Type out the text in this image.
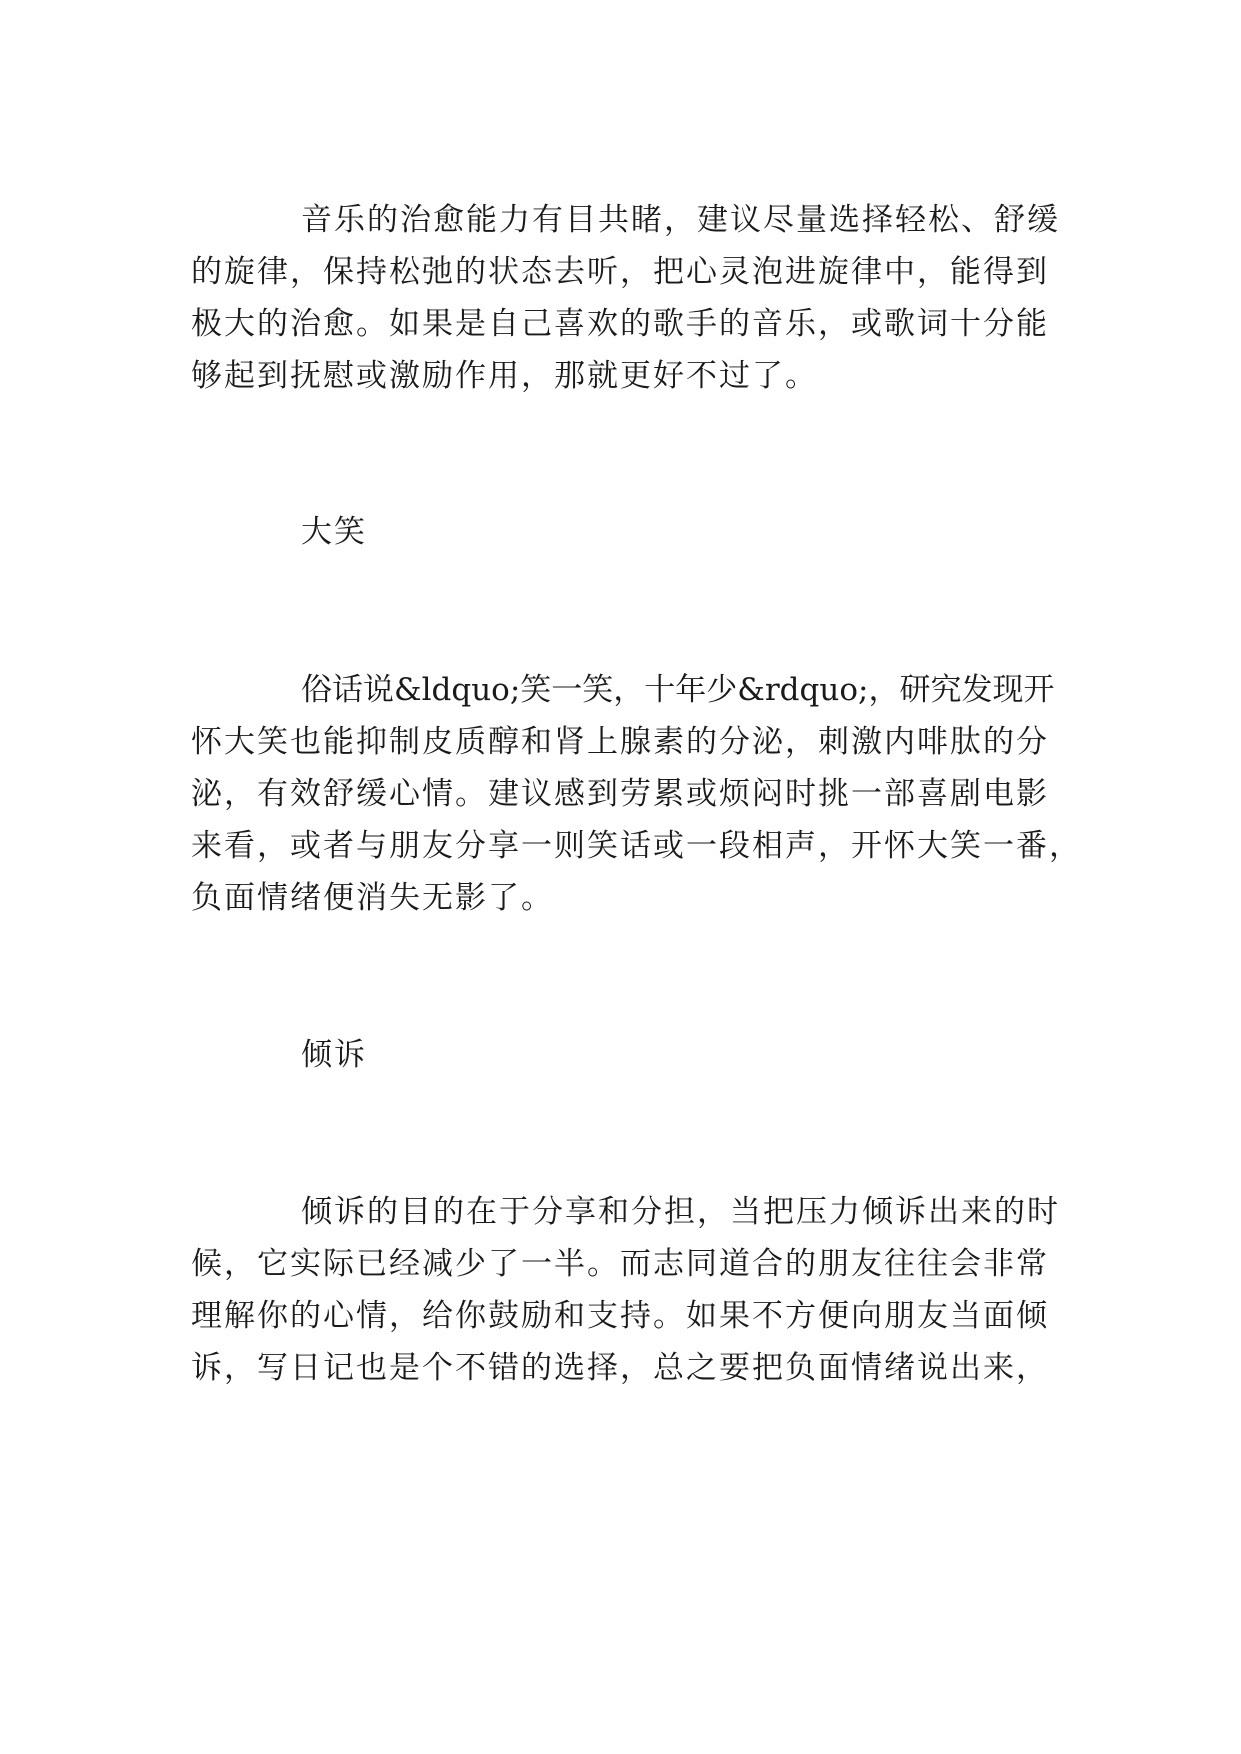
音乐的治愈能力有目共睹，建议尽量选择轻松、舒缓
的旋律，保持松弛的状态去听，把心灵泡进旋律中，能得到
极大的治愈。如果是自己喜欢的歌手的音乐，或歌词十分能
够起到抚慰或激励作用，那就更好不过了。
大笑
俗话说&ldquo;笑一笑，十年少&rdquo;，研究发现开
怀大笑也能抑制皮质醇和肾上腺素的分泌，刺激内啡肽的分
泌，有效舒缓心情。建议感到劳累或烦闷时挑一部喜剧电影
来看，或者与朋友分享一则笑话或一段相声，开怀大笑一番，
负面情绪便消失无影了。
倾诉
倾诉的目的在于分享和分担，当把压力倾诉出来的时
候，它实际已经减少了一半。而志同道合的朋友往往会非常
理解你的心情，给你鼓励和支持。如果不方便向朋友当面倾
诉，写日记也是个不错的选择，总之要把负面情绪说出来，
